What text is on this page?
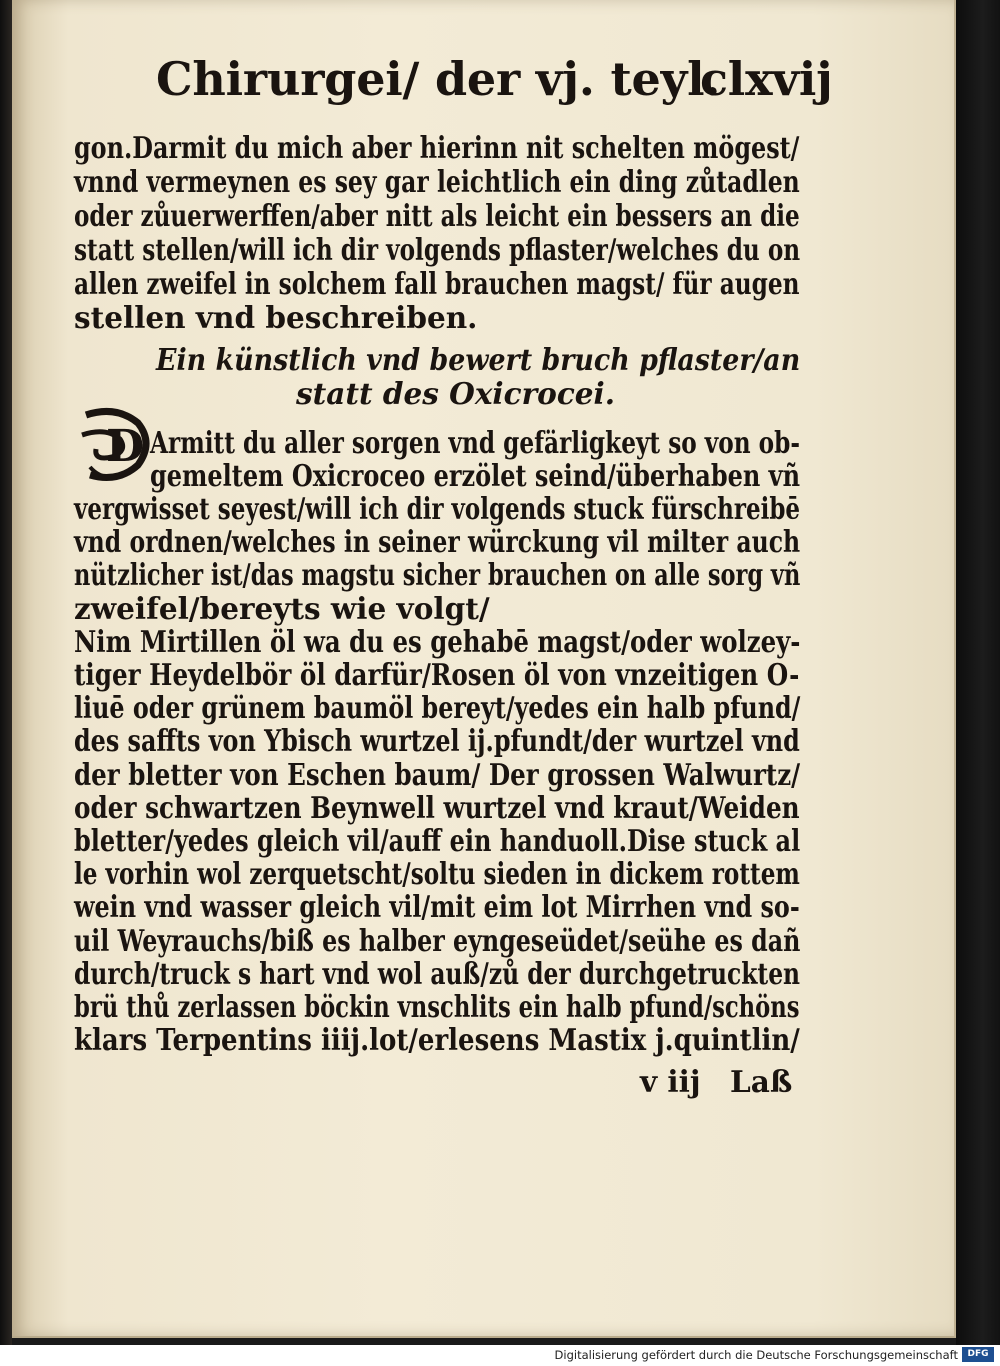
Chirurgei/ der vj. teyl.
clxvij
gon.Darmit du mich aber hierinn nit schelten mögest/
vnnd vermeynen es sey gar leichtlich ein ding zůtadlen
oder zůuerwerffen/aber nitt als leicht ein bessers an die
statt stellen/will ich dir volgends pflaster/welches du on
allen zweifel in solchem fall brauchen magst/ für augen
stellen vnd beschreiben.
Ein künstlich vnd bewert bruch pflaster/an
statt des Oxicrocei.
D Armitt du aller sorgen vnd gefärligkeyt so von ob-
gemeltem Oxicroceo erzölet seind/überhaben vñ
vergwisset seyest/will ich dir volgends stuck fürschreibē
vnd ordnen/welches in seiner würckung vil milter auch
nützlicher ist/das magstu sicher brauchen on alle sorg vñ
zweifel/bereyts wie volgt/
Nim Mirtillen öl wa du es gehabē magst/oder wolzey-
tiger Heydelbör öl darfür/Rosen öl von vnzeitigen O-
liuē oder grünem baumöl bereyt/yedes ein halb pfund/
des saffts von Ybisch wurtzel ij.pfundt/der wurtzel vnd
der bletter von Eschen baum/ Der grossen Walwurtz/
oder schwartzen Beynwell wurtzel vnd kraut/Weiden
bletter/yedes gleich vil/auff ein handuoll.Dise stuck al
le vorhin wol zerquetscht/soltu sieden in dickem rottem
wein vnd wasser gleich vil/mit eim lot Mirrhen vnd so-
uil Weyrauchs/biß es halber eyngeseüdet/seühe es dañ
durch/truck s hart vnd wol auß/zů der durchgetruckten
brü thů zerlassen böckin vnschlits ein halb pfund/schöns
klars Terpentins iiij.lot/erlesens Mastix j.quintlin/
v iij Laß
Digitalisierung gefördert durch die Deutsche Forschungsgemeinschaft	DFG
